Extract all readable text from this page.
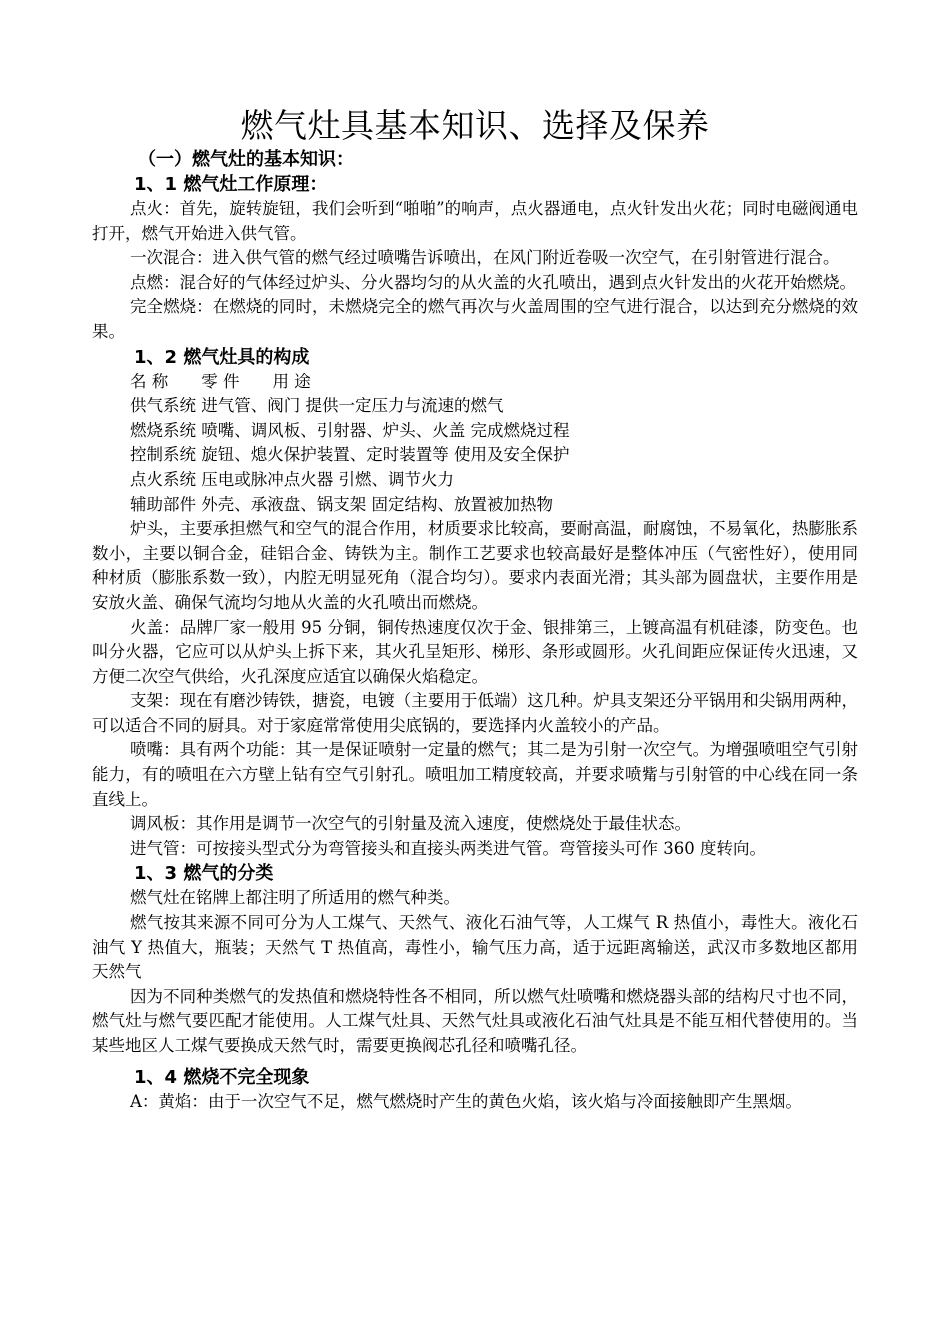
燃气灶具基本知识、选择及保养
（一）燃气灶的基本知识：
1、1 燃气灶工作原理：

点火：首先，旋转旋钮，我们会听到“啪啪”的响声，点火器通电，点火针发出火花；同时电磁阀通电打开，燃气开始进入供气管。

一次混合：进入供气管的燃气经过喷嘴告诉喷出，在风门附近卷吸一次空气，在引射管进行混合。

点燃：混合好的气体经过炉头、分火器均匀的从火盖的火孔喷出，遇到点火针发出的火花开始燃烧。

完全燃烧：在燃烧的同时，未燃烧完全的燃气再次与火盖周围的空气进行混合，以达到充分燃烧的效果。

1、2 燃气灶具的构成
名 称　　零 件　　用 途
供气系统 进气管、阀门 提供一定压力与流速的燃气
燃烧系统 喷嘴、调风板、引射器、炉头、火盖 完成燃烧过程
控制系统 旋钮、熄火保护装置、定时装置等 使用及安全保护
点火系统 压电或脉冲点火器 引燃、调节火力
辅助部件 外壳、承液盘、锅支架 固定结构、放置被加热物

炉头，主要承担燃气和空气的混合作用，材质要求比较高，要耐高温，耐腐蚀，不易氧化，热膨胀系数小，主要以铜合金，硅铝合金、铸铁为主。制作工艺要求也较高最好是整体冲压（气密性好），使用同种材质（膨胀系数一致），内腔无明显死角（混合均匀）。要求内表面光滑；其头部为圆盘状，主要作用是安放火盖、确保气流均匀地从火盖的火孔喷出而燃烧。

火盖：品牌厂家一般用 95 分铜，铜传热速度仅次于金、银排第三，上镀高温有机硅漆，防变色。也叫分火器，它应可以从炉头上拆下来，其火孔呈矩形、梯形、条形或圆形。火孔间距应保证传火迅速，又方便二次空气供给，火孔深度应适宜以确保火焰稳定。

支架：现在有磨沙铸铁，搪瓷，电镀（主要用于低端）这几种。炉具支架还分平锅用和尖锅用两种，可以适合不同的厨具。对于家庭常常使用尖底锅的，要选择内火盖较小的产品。

喷嘴：具有两个功能：其一是保证喷射一定量的燃气；其二是为引射一次空气。为增强喷咀空气引射能力，有的喷咀在六方壁上钻有空气引射孔。喷咀加工精度较高，并要求喷觜与引射管的中心线在同一条直线上。

调风板：其作用是调节一次空气的引射量及流入速度，使燃烧处于最佳状态。

进气管：可按接头型式分为弯管接头和直接头两类进气管。弯管接头可作 360 度转向。

1、3 燃气的分类

燃气灶在铭牌上都注明了所适用的燃气种类。

燃气按其来源不同可分为人工煤气、天然气、液化石油气等，人工煤气 R 热值小，毒性大。液化石油气 Y 热值大，瓶装；天然气 T 热值高，毒性小，输气压力高，适于远距离输送，武汉市多数地区都用天然气

因为不同种类燃气的发热值和燃烧特性各不相同，所以燃气灶喷嘴和燃烧器头部的结构尺寸也不同，燃气灶与燃气要匹配才能使用。人工煤气灶具、天然气灶具或液化石油气灶具是不能互相代替使用的。当某些地区人工煤气要换成天然气时，需要更换阀芯孔径和喷嘴孔径。

1、4 燃烧不完全现象

A：黄焰：由于一次空气不足，燃气燃烧时产生的黄色火焰，该火焰与冷面接触即产生黑烟。
